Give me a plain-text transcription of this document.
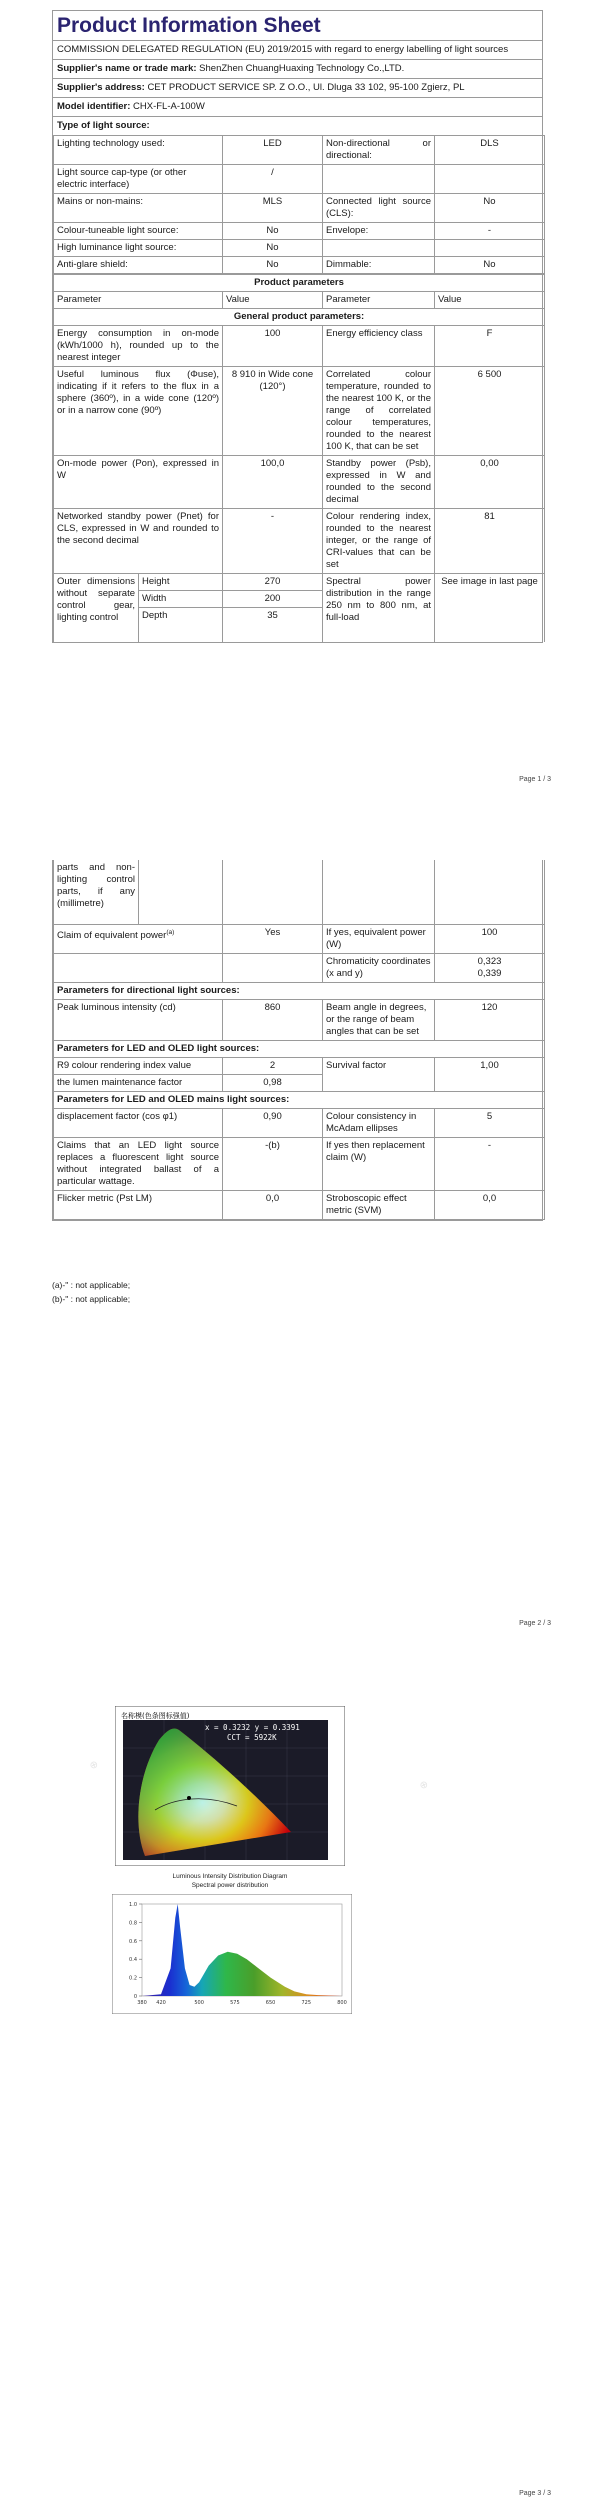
Product Information Sheet
COMMISSION DELEGATED REGULATION (EU) 2019/2015 with regard to energy labelling of light sources
Supplier's name or trade mark: ShenZhen ChuangHuaxing Technology Co.,LTD.
Supplier's address: CET PRODUCT SERVICE SP. Z O.O., Ul. Dluga 33 102, 95-100 Zgierz, PL
Model identifier: CHX-FL-A-100W
Type of light source:
Lighting technology used:	LED	Non-directional or directional:	DLS
Light source cap-type (or other electric interface)	/		
Mains or non-mains:	MLS	Connected light source (CLS):	No
Colour-tuneable light source:	No	Envelope:	-
High luminance light source:	No		
Anti-glare shield:	No	Dimmable:	No
Product parameters				
Parameter		Value	Parameter	Value
General product parameters:				
Energy consumption in on-mode (kWh/1000 h), rounded up to the nearest integer		100	Energy efficiency class	F
Useful luminous flux (Φuse), indicating if it refers to the flux in a sphere (360º), in a wide cone (120º) or in a narrow cone (90º)		8 910 in Wide cone (120°)	Correlated colour temperature, rounded to the nearest 100 K, or the range of correlated colour temperatures, rounded to the nearest 100 K, that can be set	6 500
On-mode power (Pon), expressed in W		100,0	Standby power (Psb), expressed in W and rounded to the second decimal	0,00
Networked standby power (Pnet) for CLS, expressed in W and rounded to the second decimal		-	Colour rendering index, rounded to the nearest integer, or the range of CRI-values that can be set	81
Outer dimensions without separate control gear, lighting control	Height	270	Spectral power distribution in the range 250 nm to 800 nm, at full-load	See image in last page
	Width	200		
	Depth	35		
Page 1 / 3
parts and non-lighting control parts, if any (millimetre)				
Claim of equivalent power$^{(a)}$		Yes	If yes, equivalent power (W)	100
			Chromaticity coordinates (x and y)	0,323
0,339
Parameters for directional light sources:				
Peak luminous intensity (cd)		860	Beam angle in degrees, or the range of beam angles that can be set	120
Parameters for LED and OLED light sources:				
R9 colour rendering index value		2	Survival factor	1,00
the lumen maintenance factor		0,98		
Parameters for LED and OLED mains light sources:				
displacement factor (cos φ1)		0,90	Colour consistency in McAdam ellipses	5
Claims that an LED light source replaces a fluorescent light source without integrated ballast of a particular wattage.		-(b)	If yes then replacement claim (W)	-
Flicker metric (Pst LM)		0,0	Stroboscopic effect metric (SVM)	0,0
(a)-" : not applicable;
(b)-" : not applicable;
Page 2 / 3
⊕
⊕
名称模(色条图标强值)
x = 0.3232 y = 0.3391
CCT = 5922K
Luminous Intensity Distribution Diagram
Spectral power distribution
1.0
0.8
0.6
0.4
0.2
0
380 420	500	575	650	725	800
Page 3 / 3
